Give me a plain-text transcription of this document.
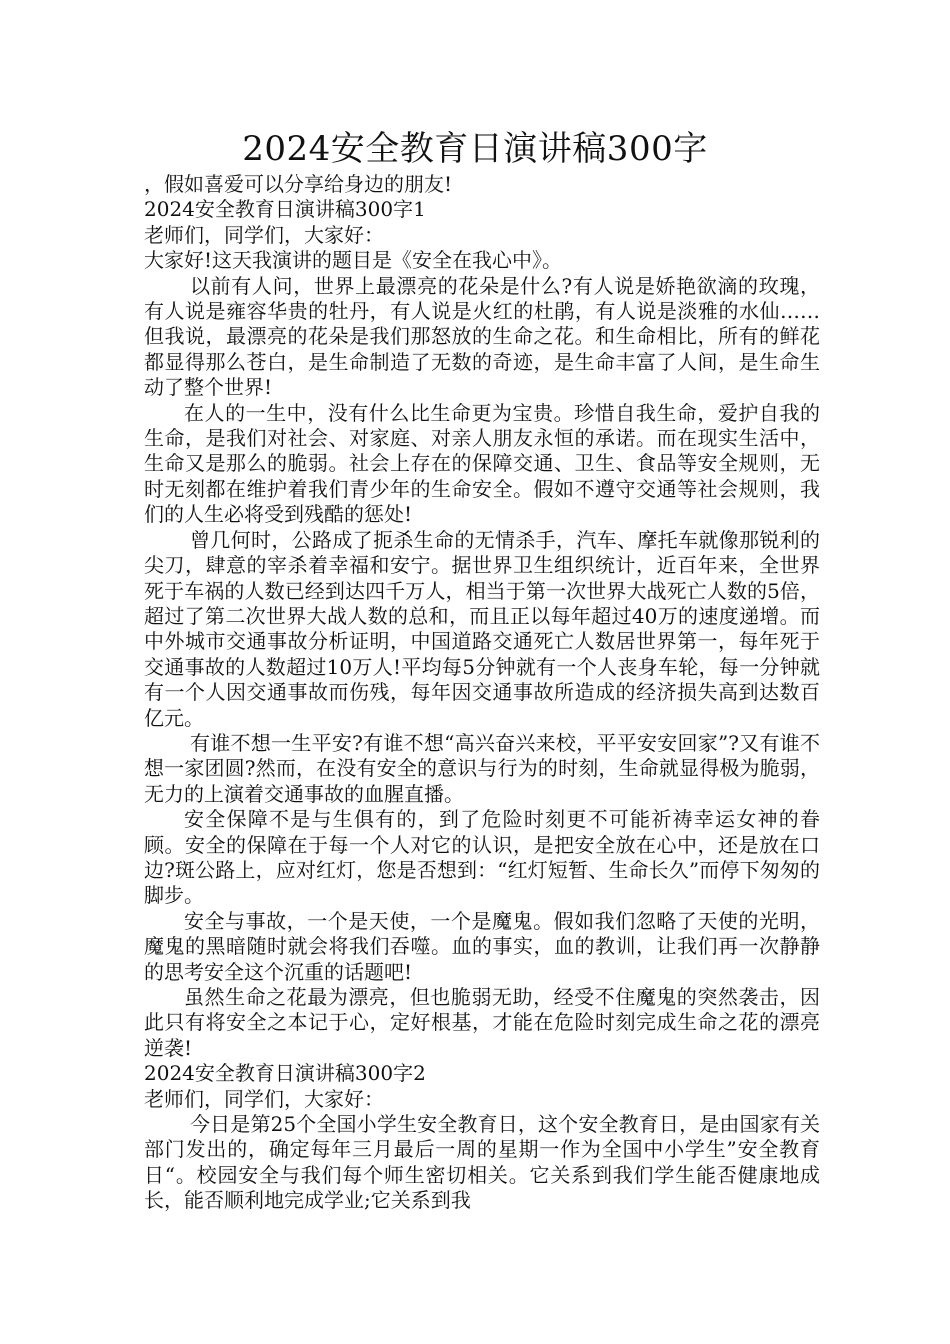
2024安全教育日演讲稿300字

，假如喜爱可以分享给身边的朋友!

2024安全教育日演讲稿300字1

老师们，同学们，大家好：

大家好!这天我演讲的题目是《安全在我心中》。

以前有人问，世界上最漂亮的花朵是什么?有人说是娇艳欲滴的玫瑰，有人说是雍容华贵的牡丹，有人说是火红的杜鹃，有人说是淡雅的水仙……但我说，最漂亮的花朵是我们那怒放的生命之花。和生命相比，所有的鲜花都显得那么苍白，是生命制造了无数的奇迹，是生命丰富了人间，是生命生动了整个世界!

在人的一生中，没有什么比生命更为宝贵。珍惜自我生命，爱护自我的生命，是我们对社会、对家庭、对亲人朋友永恒的承诺。而在现实生活中，生命又是那么的脆弱。社会上存在的保障交通、卫生、食品等安全规则，无时无刻都在维护着我们青少年的生命安全。假如不遵守交通等社会规则，我们的人生必将受到残酷的惩处!

曾几何时，公路成了扼杀生命的无情杀手，汽车、摩托车就像那锐利的尖刀，肆意的宰杀着幸福和安宁。据世界卫生组织统计，近百年来，全世界死于车祸的人数已经到达四千万人，相当于第一次世界大战死亡人数的5倍，超过了第二次世界大战人数的总和，而且正以每年超过40万的速度递增。而中外城市交通事故分析证明，中国道路交通死亡人数居世界第一，每年死于交通事故的人数超过10万人!平均每5分钟就有一个人丧身车轮，每一分钟就有一个人因交通事故而伤残，每年因交通事故所造成的经济损失高到达数百亿元。

有谁不想一生平安?有谁不想“高兴奋兴来校，平平安安回家”?又有谁不想一家团圆?然而，在没有安全的意识与行为的时刻，生命就显得极为脆弱，无力的上演着交通事故的血腥直播。

安全保障不是与生俱有的，到了危险时刻更不可能祈祷幸运女神的眷顾。安全的保障在于每一个人对它的认识，是把安全放在心中，还是放在口边?斑公路上，应对红灯，您是否想到：“红灯短暂、生命长久”而停下匆匆的脚步。

安全与事故，一个是天使，一个是魔鬼。假如我们忽略了天使的光明，魔鬼的黑暗随时就会将我们吞噬。血的事实，血的教训，让我们再一次静静的思考安全这个沉重的话题吧!

虽然生命之花最为漂亮，但也脆弱无助，经受不住魔鬼的突然袭击，因此只有将安全之本记于心，定好根基，才能在危险时刻完成生命之花的漂亮逆袭!

2024安全教育日演讲稿300字2

老师们，同学们，大家好：

今日是第25个全国小学生安全教育日，这个安全教育日，是由国家有关部门发出的，确定每年三月最后一周的星期一作为全国中小学生”安全教育日“。校园安全与我们每个师生密切相关。它关系到我们学生能否健康地成长，能否顺利地完成学业;它关系到我
